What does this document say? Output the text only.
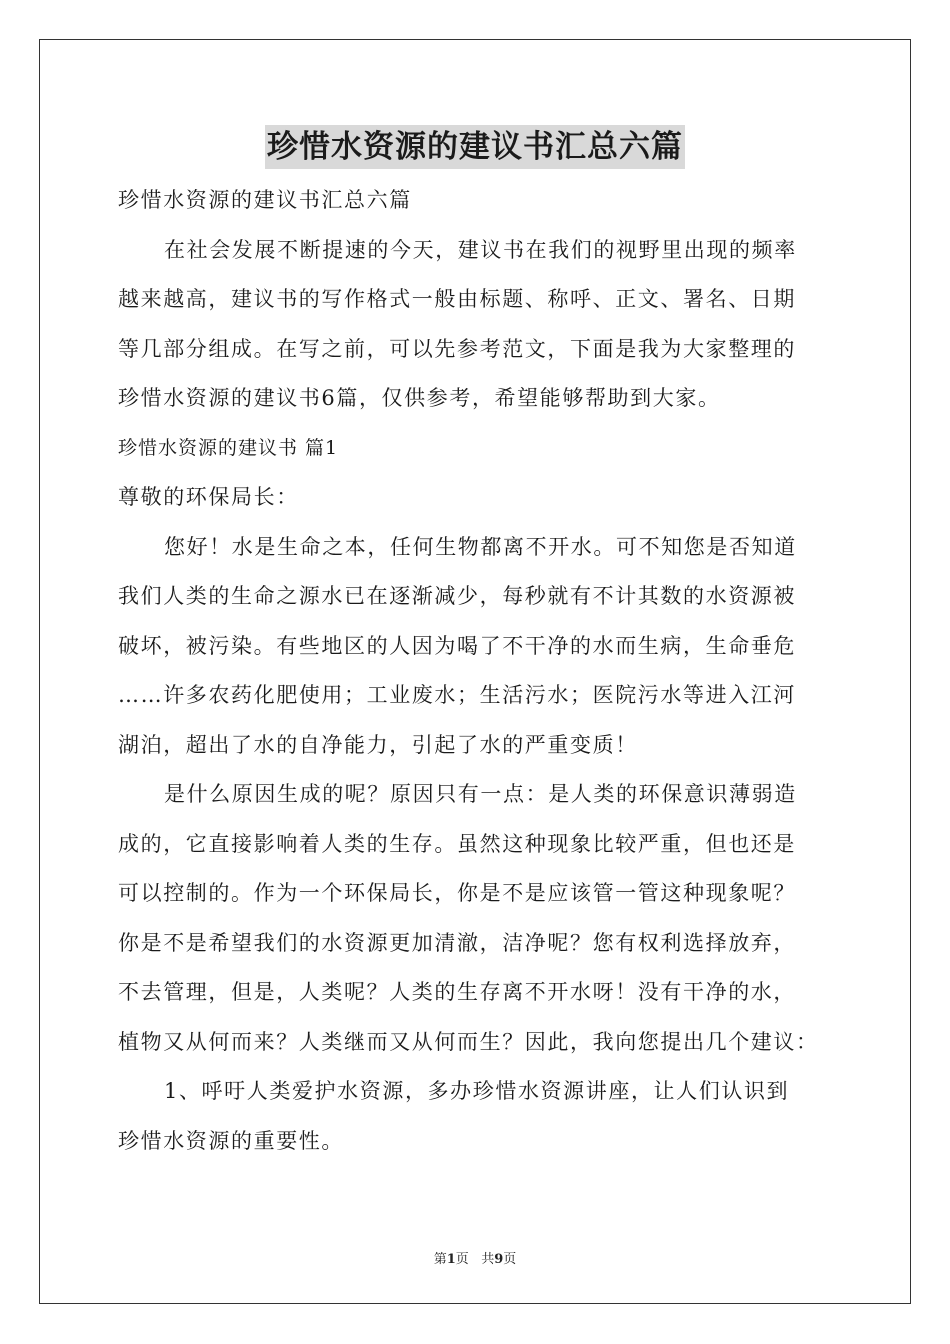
珍惜水资源的建议书汇总六篇

珍惜水资源的建议书汇总六篇

在社会发展不断提速的今天，建议书在我们的视野里出现的频率

越来越高，建议书的写作格式一般由标题、称呼、正文、署名、日期

等几部分组成。在写之前，可以先参考范文，下面是我为大家整理的

珍惜水资源的建议书6篇，仅供参考，希望能够帮助到大家。

珍惜水资源的建议书 篇1

尊敬的环保局长：

您好！水是生命之本，任何生物都离不开水。可不知您是否知道

我们人类的生命之源水已在逐渐减少，每秒就有不计其数的水资源被

破坏，被污染。有些地区的人因为喝了不干净的水而生病，生命垂危

……许多农药化肥使用；工业废水；生活污水；医院污水等进入江河

湖泊，超出了水的自净能力，引起了水的严重变质！

是什么原因生成的呢？原因只有一点：是人类的环保意识薄弱造

成的，它直接影响着人类的生存。虽然这种现象比较严重，但也还是

可以控制的。作为一个环保局长，你是不是应该管一管这种现象呢？

你是不是希望我们的水资源更加清澈，洁净呢？您有权利选择放弃，

不去管理，但是，人类呢？人类的生存离不开水呀！没有干净的水，

植物又从何而来？人类继而又从何而生？因此，我向您提出几个建议：

1、呼吁人类爱护水资源，多办珍惜水资源讲座，让人们认识到

珍惜水资源的重要性。

第1页 共9页
